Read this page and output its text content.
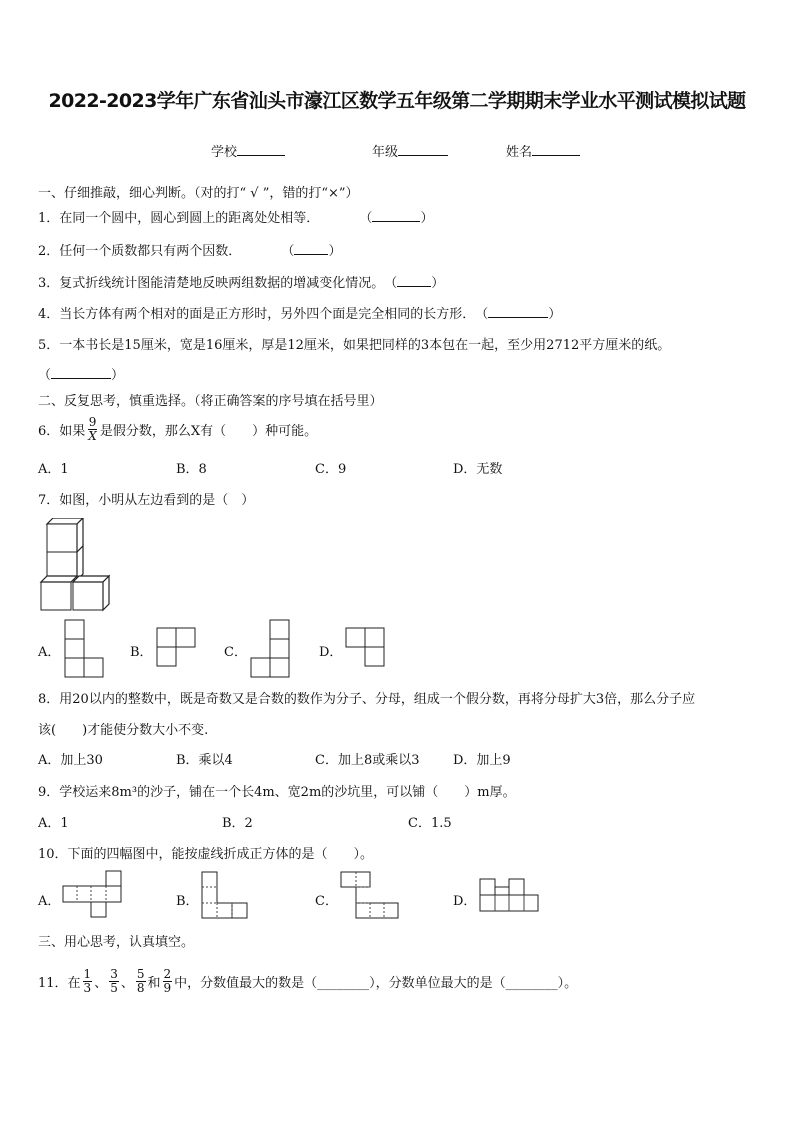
2022-2023学年广东省汕头市濠江区数学五年级第二学期期末学业水平测试模拟试题
学校	年级	姓名
一、仔细推敲，细心判断。（对的打“ √ ”，错的打“×”）
1．在同一个圆中，圆心到圆上的距离处处相等．	（	）
2．任何一个质数都只有两个因数．	（	）
3．复式折线统计图能清楚地反映两组数据的增减变化情况。（	）
4．当长方体有两个相对的面是正方形时，另外四个面是完全相同的长方形．（	）
5．一本书长是15厘米，宽是16厘米，厚是12厘米，如果把同样的3本包在一起，至少用2712平方厘米的纸。
（	）
二、反复思考，慎重选择。（将正确答案的序号填在括号里）
6．如果 $\frac{9}{X}$ 是假分数，那么X有（　　）种可能。
A．1	B．8	C．9	D．无数
7．如图，小明从左边看到的是（　）
A．	B．	C．	D．
8．用20以内的整数中，既是奇数又是合数的数作为分子、分母，组成一个假分数，再将分母扩大3倍，那么分子应
该(　　)才能使分数大小不变.
A．加上30	B．乘以4	C．加上8或乘以3	D．加上9
9．学校运来8m³的沙子，铺在一个长4m、宽2m的沙坑里，可以铺（　　）m厚。
A．1	B．2	C．1.5
10．下面的四幅图中，能按虚线折成正方体的是（　　）。
A．	B．	C．	D．
三、用心思考，认真填空。
11．在 $\frac{1}{3}$ 、 $\frac{3}{5}$ 、 $\frac{5}{8}$ 和 $\frac{2}{9}$ 中，分数值最大的数是（________），分数单位最大的是（________）。
